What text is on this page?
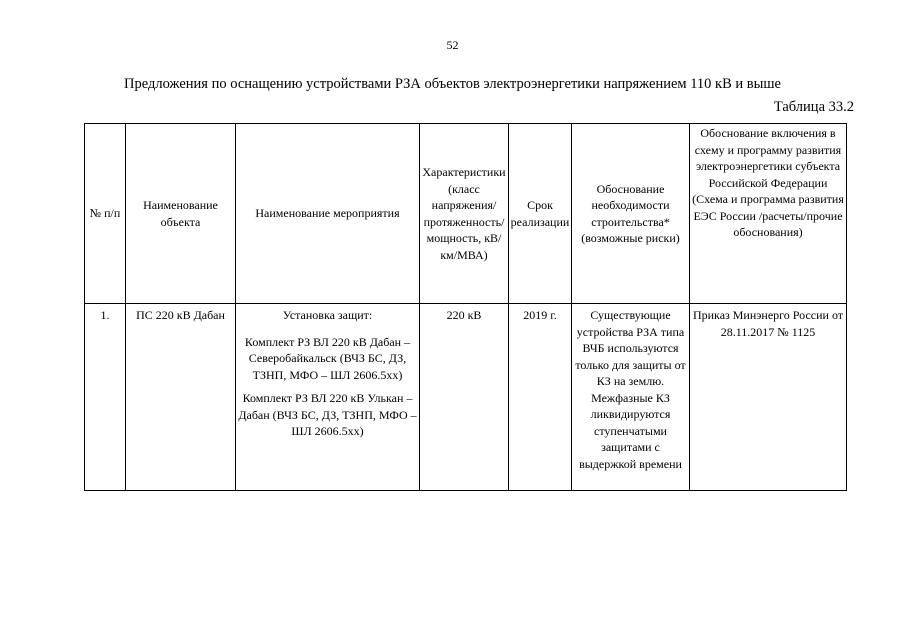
52
Предложения по оснащению устройствами РЗА объектов электроэнергетики напряжением 110 кВ и выше
Таблица 33.2
№ п/п	Наименование объекта	Наименование мероприятия	Характеристики (класс напряжения/ протяженность/ мощность, кВ/км/МВА)	Срок реализации	Обоснование необходимости строительства* (возможные риски)	Обоснование включения в схему и программу развития электроэнергетики субъекта Российской Федерации (Схема и программа развития ЕЭС России /расчеты/прочие обоснования)
1.	ПС 220 кВ Дабан	Установка защит:
Комплект РЗ ВЛ 220 кВ Дабан – Северобайкальск (ВЧЗ БС, ДЗ, ТЗНП, МФО – ШЛ 2606.5хх)
Комплект РЗ ВЛ 220 кВ Улькан – Дабан (ВЧЗ БС, ДЗ, ТЗНП, МФО – ШЛ 2606.5хх)	220 кВ	2019 г.	Существующие устройства РЗА типа ВЧБ используются только для защиты от КЗ на землю. Межфазные КЗ ликвидируются ступенчатыми защитами с выдержкой времени	Приказ Минэнерго России от 28.11.2017 № 1125
